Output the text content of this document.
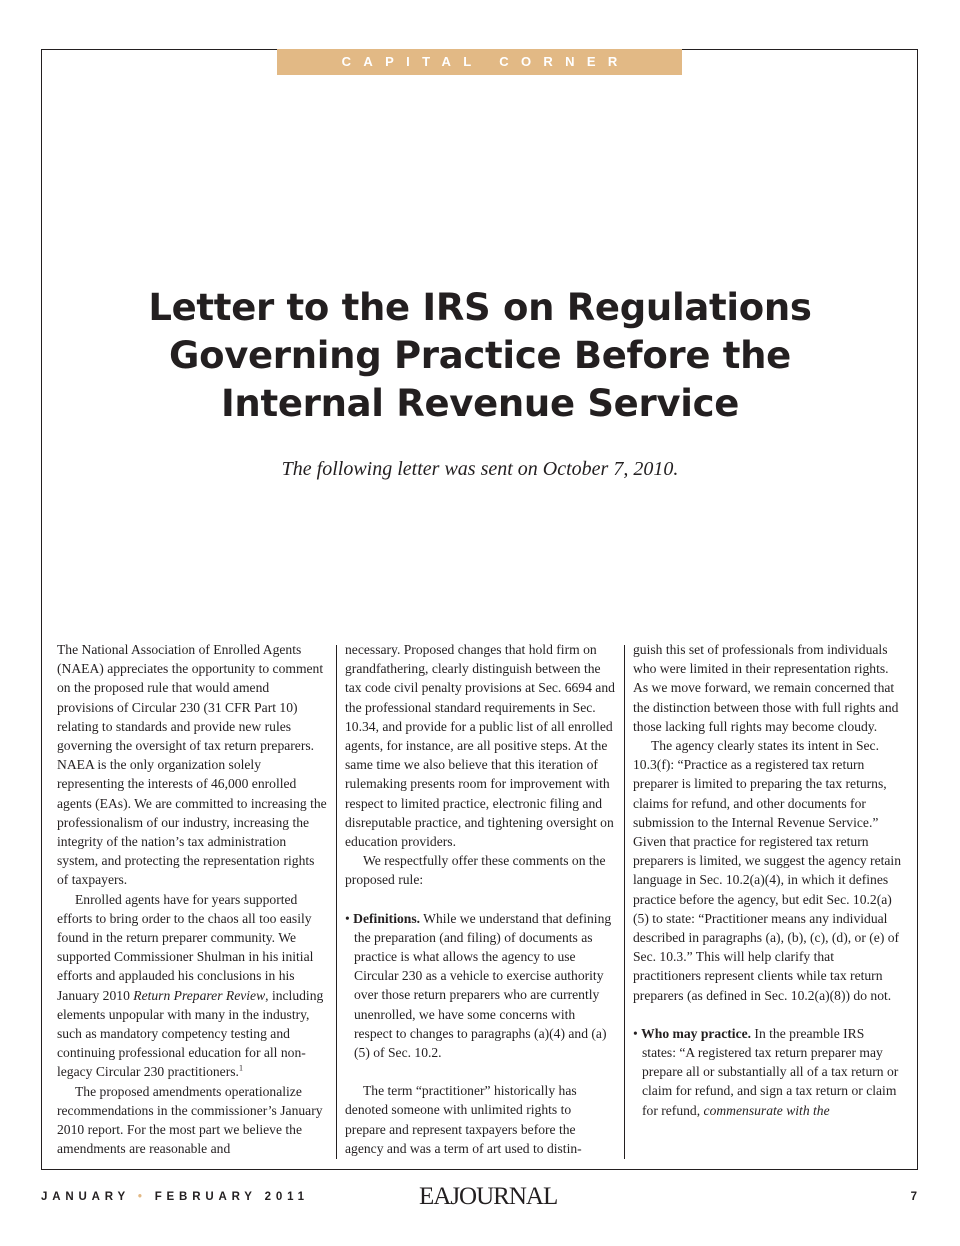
CAPITAL CORNER
Letter to the IRS on Regulations
Governing Practice Before the
Internal Revenue Service
The following letter was sent on October 7, 2010.

The National Association of Enrolled Agents (NAEA) appreciates the opportunity to comment on the proposed rule that would amend provisions of Circular 230 (31 CFR Part 10) relating to standards and provide new rules governing the oversight of tax return preparers. NAEA is the only organization solely representing the interests of 46,000 enrolled agents (EAs). We are committed to increasing the professionalism of our industry, increasing the integrity of the nation’s tax administration system, and protecting the representation rights of taxpayers.

Enrolled agents have for years supported efforts to bring order to the chaos all too easily found in the return preparer community. We supported Commissioner Shulman in his initial efforts and applauded his conclusions in his January 2010 Return Preparer Review, including elements unpopular with many in the industry, such as mandatory competency testing and continuing professional education for all non-legacy Circular 230 practitioners.$^1$

The proposed amendments operationalize recommendations in the commissioner’s January 2010 report. For the most part we believe the amendments are reasonable and

necessary. Proposed changes that hold firm on grandfathering, clearly distinguish between the tax code civil penalty provisions at Sec. 6694 and the professional standard requirements in Sec. 10.34, and provide for a public list of all enrolled agents, for instance, are all positive steps. At the same time we also believe that this iteration of rulemaking presents room for improvement with respect to limited practice, electronic filing and disreputable practice, and tightening oversight on education providers.

We respectfully offer these comments on the proposed rule:

• Definitions. While we understand that defining the preparation (and filing) of documents as practice is what allows the agency to use Circular 230 as a vehicle to exercise authority over those return preparers who are currently unenrolled, we have some concerns with respect to changes to paragraphs (a)(4) and (a)(5) of Sec. 10.2.

The term “practitioner” historically has denoted someone with unlimited rights to prepare and represent taxpayers before the agency and was a term of art used to distin-

guish this set of professionals from individuals who were limited in their representation rights. As we move forward, we remain concerned that the distinction between those with full rights and those lacking full rights may become cloudy.

The agency clearly states its intent in Sec. 10.3(f): “Practice as a registered tax return preparer is limited to preparing the tax returns, claims for refund, and other documents for submission to the Internal Revenue Service.” Given that practice for registered tax return preparers is limited, we suggest the agency retain language in Sec. 10.2(a)(4), in which it defines practice before the agency, but edit Sec. 10.2(a)(5) to state: “Practitioner means any individual described in paragraphs (a), (b), (c), (d), or (e) of Sec. 10.3.” This will help clarify that practitioners represent clients while tax return preparers (as defined in Sec. 10.2(a)(8)) do not.

• Who may practice. In the preamble IRS states: “A registered tax return preparer may prepare all or substantially all of a tax return or claim for refund, and sign a tax return or claim for refund, commensurate with the

JANUARY • FEBRUARY 2011	EAJOURNAL	7
